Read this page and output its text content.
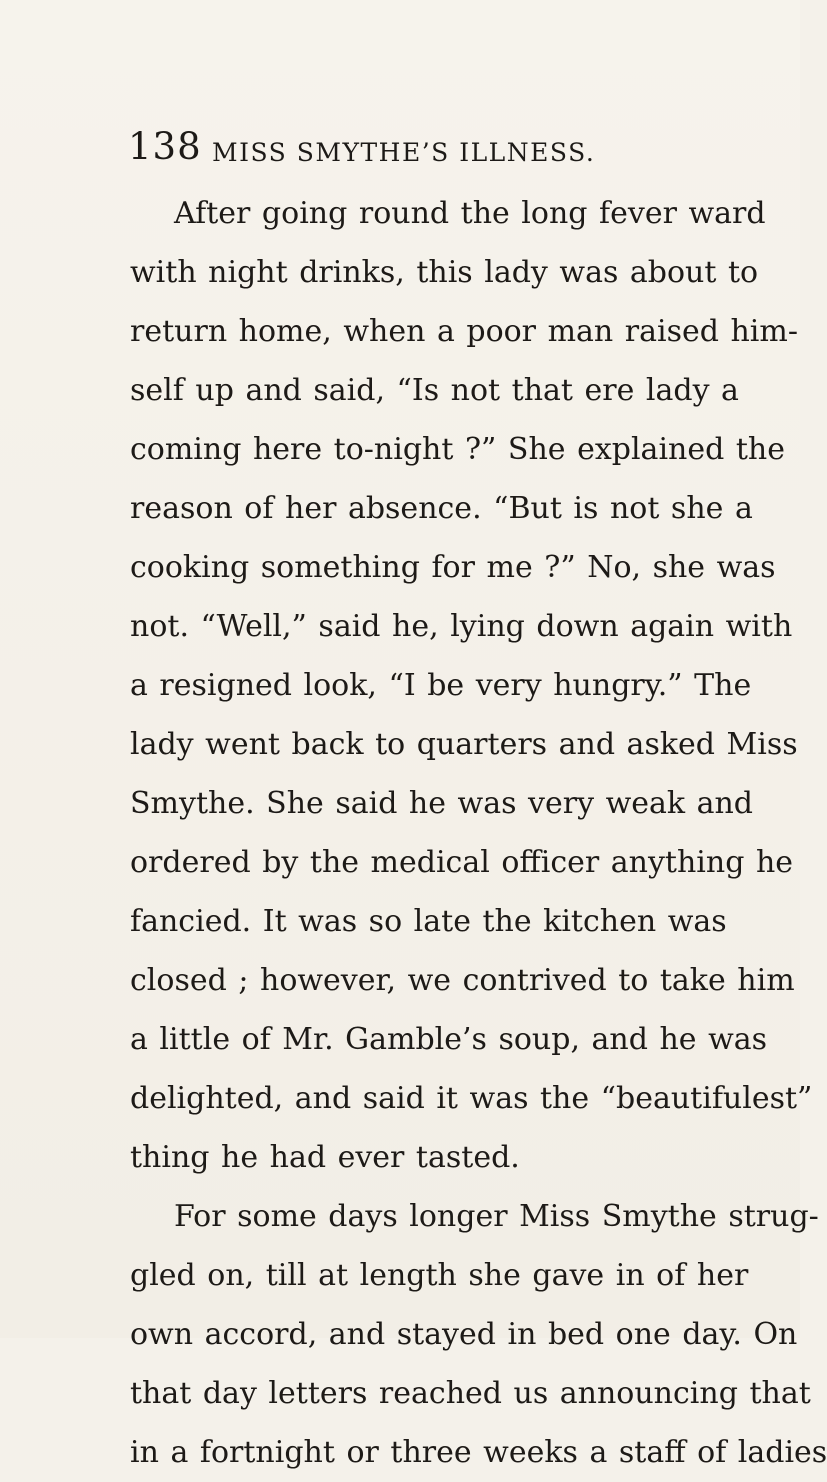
138 MISS SMYTHE’S ILLNESS.
After going round the long fever ward
with night drinks, this lady was about to
return home, when a poor man raised him-
self up and said, “Is not that ere lady a
coming here to-night ?” She explained the
reason of her absence. “But is not she a
cooking something for me ?” No, she was
not. “Well,” said he, lying down again with
a resigned look, “I be very hungry.” The
lady went back to quarters and asked Miss
Smythe. She said he was very weak and
ordered by the medical officer anything he
fancied. It was so late the kitchen was
closed ; however, we contrived to take him
a little of Mr. Gamble’s soup, and he was
delighted, and said it was the “beautifulest”
thing he had ever tasted.
For some days longer Miss Smythe strug-
gled on, till at length she gave in of her
own accord, and stayed in bed one day. On
that day letters reached us announcing that
in a fortnight or three weeks a staff of ladies
